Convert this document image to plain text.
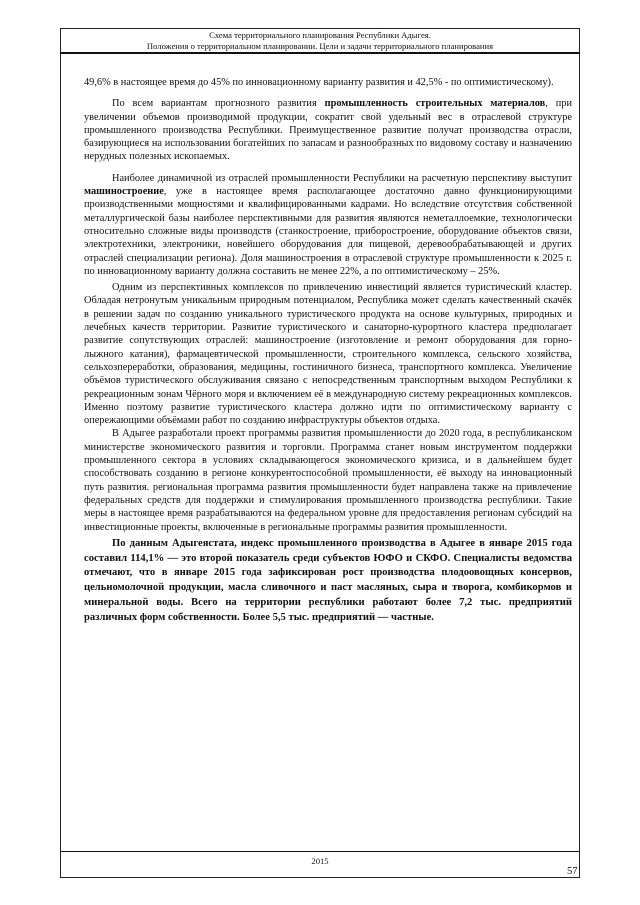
Схема территориального планирования Республики Адыгея.
Положения о территориальном планировании. Цели и задачи территориального планирования

49,6% в настоящее время до 45% по инновационному варианту развития и 42,5% - по оптимистическому).

По всем вариантам прогнозного развития промышленность строительных материалов, при увеличении объемов производимой продукции, сократит свой удельный вес в отраслевой структуре промышленного производства Республики. Преимущественное развитие получат производства отрасли, базирующиеся на использовании богатейших по запасам и разнообразных по видовому составу и назначению нерудных полезных ископаемых.

Наиболее динамичной из отраслей промышленности Республики на расчетную перспективу выступит машиностроение, уже в настоящее время располагающее достаточно давно функционирующими производственными мощностями и квалифицированными кадрами. Но вследствие отсутствия собственной металлургической базы наиболее перспективными для развития являются неметаллоемкие, технологически относительно сложные виды производств (станкостроение, приборостроение, оборудование объектов связи, электротехники, электроники, новейшего оборудования для пищевой, деревообрабатывающей и других отраслей специализации региона). Доля машиностроения в отраслевой структуре промышленности к 2025 г. по инновационному варианту должна составить не менее 22%, а по оптимистическому – 25%.

Одним из перспективных комплексов по привлечению инвестиций является туристический кластер. Обладая нетронутым уникальным природным потенциалом, Республика может сделать качественный скачёк в решении задач по созданию уникального туристического продукта на основе культурных, природных и лечебных качеств территории. Развитие туристического и санаторно-курортного кластера предполагает развитие сопутствующих отраслей: машиностроение (изготовление и ремонт оборудования для горно-лыжного катания), фармацевтической промышленности, строительного комплекса, сельского хозяйства, сельхозпереработки, образования, медицины, гостиничного бизнеса, транспортного комплекса. Увеличение объёмов туристического обслуживания связано с непосредственным транспортным выходом Республики к рекреационным зонам Чёрного моря и включением её в международную систему рекреационных комплексов. Именно поэтому развитие туристического кластера должно идти по оптимистическому варианту с опережающими объёмами работ по созданию инфраструктуры объектов отдыха.

В Адыгее разработали проект программы развития промышленности до 2020 года, в республиканском министерстве экономического развития и торговли. Программа станет новым инструментом поддержки промышленного сектора в условиях складывающегося экономического кризиса, и в дальнейшем будет способствовать созданию в регионе конкурентоспособной промышленности, её выходу на инновационный путь развития. региональная программа развития промышленности будет направлена также на привлечение федеральных средств для поддержки и стимулирования промышленного производства республики. Такие меры в настоящее время разрабатываются на федеральном уровне для предоставления регионам субсидий на инвестиционные проекты, включенные в региональные программы развития промышленности.

По данным Адыгеястата, индекс промышленного производства в Адыгее в январе 2015 года составил 114,1% — это второй показатель среди субъектов ЮФО и СКФО. Специалисты ведомства отмечают, что в январе 2015 года зафиксирован рост производства плодоовощных консервов, цельномолочной продукции, масла сливочного и паст масляных, сыра и творога, комбикормов и минеральной воды. Всего на территории республики работают более 7,2 тыс. предприятий различных форм собственности. Более 5,5 тыс. предприятий — частные.

2015
57
